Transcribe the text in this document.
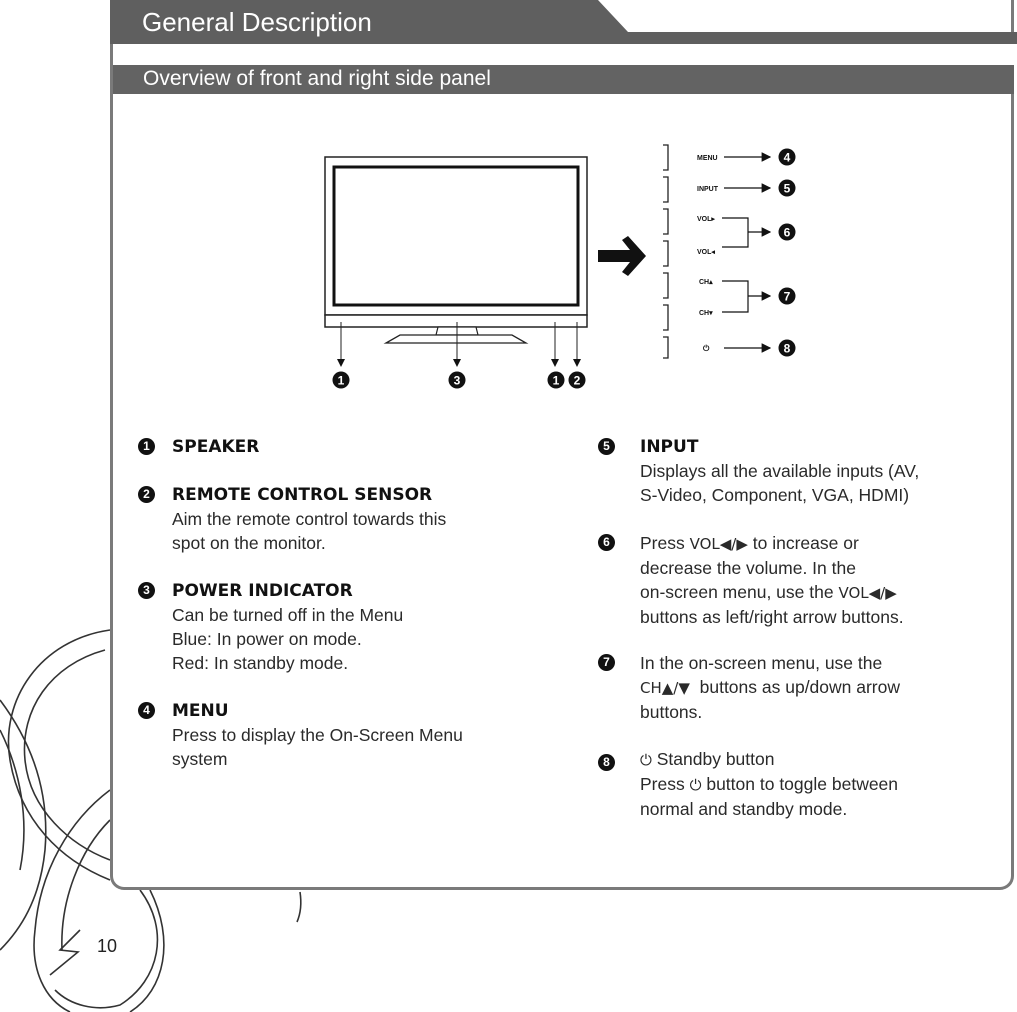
General Description
Overview of front and right side panel
1	3	1 2
MENU
INPUT
VOL▸
VOL◂
CH▴
CH▾
⏻
4
5
6
7
8
1	SPEAKER
2	REMOTE CONTROL SENSOR
Aim the remote control towards this
spot on the monitor.
3	POWER INDICATOR
Can be turned off in the Menu
Blue: In power on mode.
Red: In standby mode.
4	MENU
Press to display the On-Screen Menu
system
5	INPUT
Displays all the available inputs (AV,
S-Video, Component, VGA, HDMI)
6 Press VOL◀/▶ to increase or
decrease the volume. In the
on-screen menu, use the VOL◀/▶
buttons as left/right arrow buttons.
7 In the on-screen menu, use the
CH▲/▼  buttons as up/down arrow
buttons.
8	⏻ Standby button
Press ⏻ button to toggle between
normal and standby mode.
10
